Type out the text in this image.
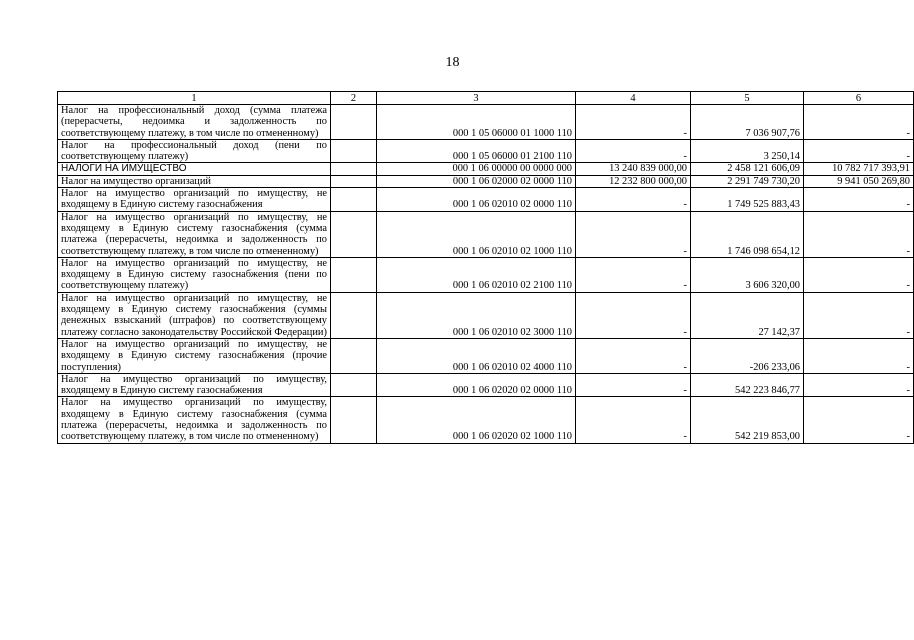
18
1	2	3	4	5	6
Налог на профессиональный доход (сумма платежа (перерасчеты, недоимка и задолженность по соответствующему платежу, в том числе по отмененному)		000 1 05 06000 01 1000 110	-	7 036 907,76	-
Налог на профессиональный доход (пени по соответствующему платежу)		000 1 05 06000 01 2100 110	-	3 250,14	-
НАЛОГИ НА ИМУЩЕСТВО		000 1 06 00000 00 0000 000	13 240 839 000,00	2 458 121 606,09	10 782 717 393,91
Налог на имущество организаций		000 1 06 02000 02 0000 110	12 232 800 000,00	2 291 749 730,20	9 941 050 269,80
Налог на имущество организаций по имуществу, не входящему в Единую систему газоснабжения		000 1 06 02010 02 0000 110	-	1 749 525 883,43	-
Налог на имущество организаций по имуществу, не входящему в Единую систему газоснабжения (сумма платежа (перерасчеты, недоимка и задолженность по соответствующему платежу, в том числе по отмененному)		000 1 06 02010 02 1000 110	-	1 746 098 654,12	-
Налог на имущество организаций по имуществу, не входящему в Единую систему газоснабжения (пени по соответствующему платежу)		000 1 06 02010 02 2100 110	-	3 606 320,00	-
Налог на имущество организаций по имуществу, не входящему в Единую систему газоснабжения (суммы денежных взысканий (штрафов) по соответствующему платежу согласно законодательству Российской Федерации)		000 1 06 02010 02 3000 110	-	27 142,37	-
Налог на имущество организаций по имуществу, не входящему в Единую систему газоснабжения (прочие поступления)		000 1 06 02010 02 4000 110	-	-206 233,06	-
Налог на имущество организаций по имуществу, входящему в Единую систему газоснабжения		000 1 06 02020 02 0000 110	-	542 223 846,77	-
Налог на имущество организаций по имуществу, входящему в Единую систему газоснабжения (сумма платежа (перерасчеты, недоимка и задолженность по соответствующему платежу, в том числе по отмененному)		000 1 06 02020 02 1000 110	-	542 219 853,00	-
